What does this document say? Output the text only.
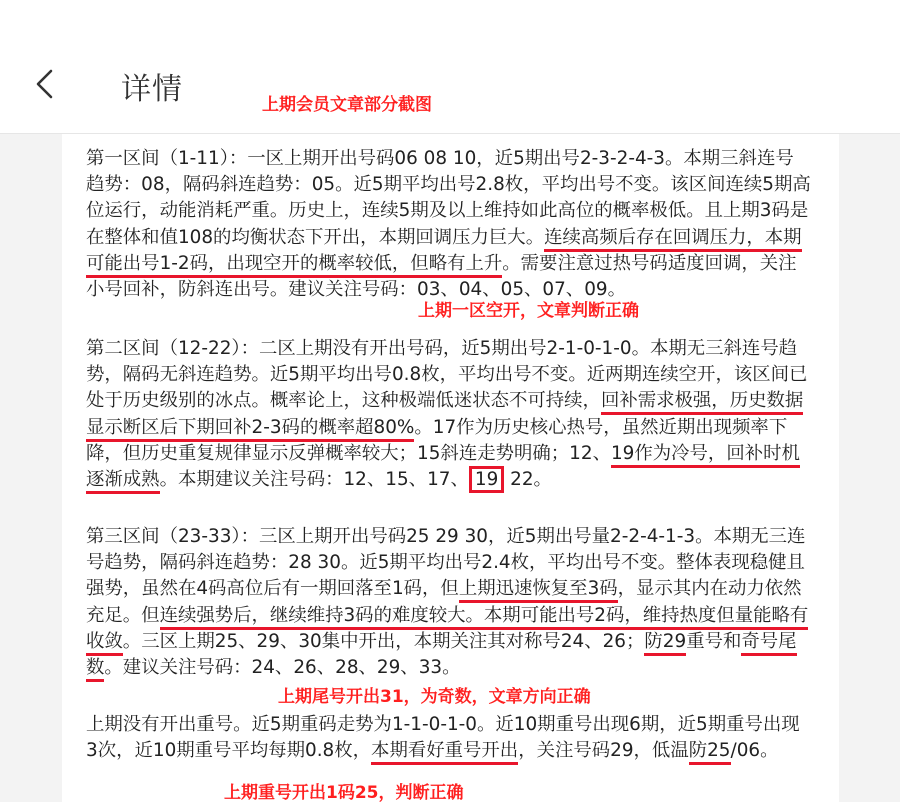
详情	上期会员文章部分截图

第一区间（1-11）：一区上期开出号码06 08 10，近5期出号2-3-2-4-3。本期三斜连号趋势：08，隔码斜连趋势：05。近5期平均出号2.8枚，平均出号不变。该区间连续5期高位运行，动能消耗严重。历史上，连续5期及以上维持如此高位的概率极低。且上期3码是在整体和值108的均衡状态下开出，本期回调压力巨大。连续高频后存在回调压力，本期可能出号1-2码，出现空开的概率较低，但略有上升。需要注意过热号码适度回调，关注小号回补，防斜连出号。建议关注号码：03、04、05、07、09。

上期一区空开，文章判断正确

第二区间（12-22）：二区上期没有开出号码，近5期出号2-1-0-1-0。本期无三斜连号趋势，隔码无斜连趋势。近5期平均出号0.8枚，平均出号不变。近两期连续空开，该区间已处于历史级别的冰点。概率论上，这种极端低迷状态不可持续，回补需求极强，历史数据显示断区后下期回补2-3码的概率超80%。17作为历史核心热号，虽然近期出现频率下降，但历史重复规律显示反弹概率较大；15斜连走势明确；12、19作为冷号，回补时机逐渐成熟。本期建议关注号码：12、15、17、 19 22。

第三区间（23-33）：三区上期开出号码25 29 30，近5期出号量2-2-4-1-3。本期无三连号趋势，隔码斜连趋势：28 30。近5期平均出号2.4枚，平均出号不变。整体表现稳健且强势，虽然在4码高位后有一期回落至1码，但上期迅速恢复至3码，显示其内在动力依然充足。但连续强势后，继续维持3码的难度较大。本期可能出号2码，维持热度但量能略有收敛。三区上期25、29、30集中开出，本期关注其对称号24、26；防29重号和奇号尾数。建议关注号码：24、26、28、29、33。

上期尾号开出31，为奇数，文章方向正确

上期没有开出重号。近5期重码走势为1-1-0-1-0。近10期重号出现6期，近5期重号出现3次，近10期重号平均每期0.8枚，本期看好重号开出，关注号码29，低温防25/06。

上期重号开出1码25，判断正确
